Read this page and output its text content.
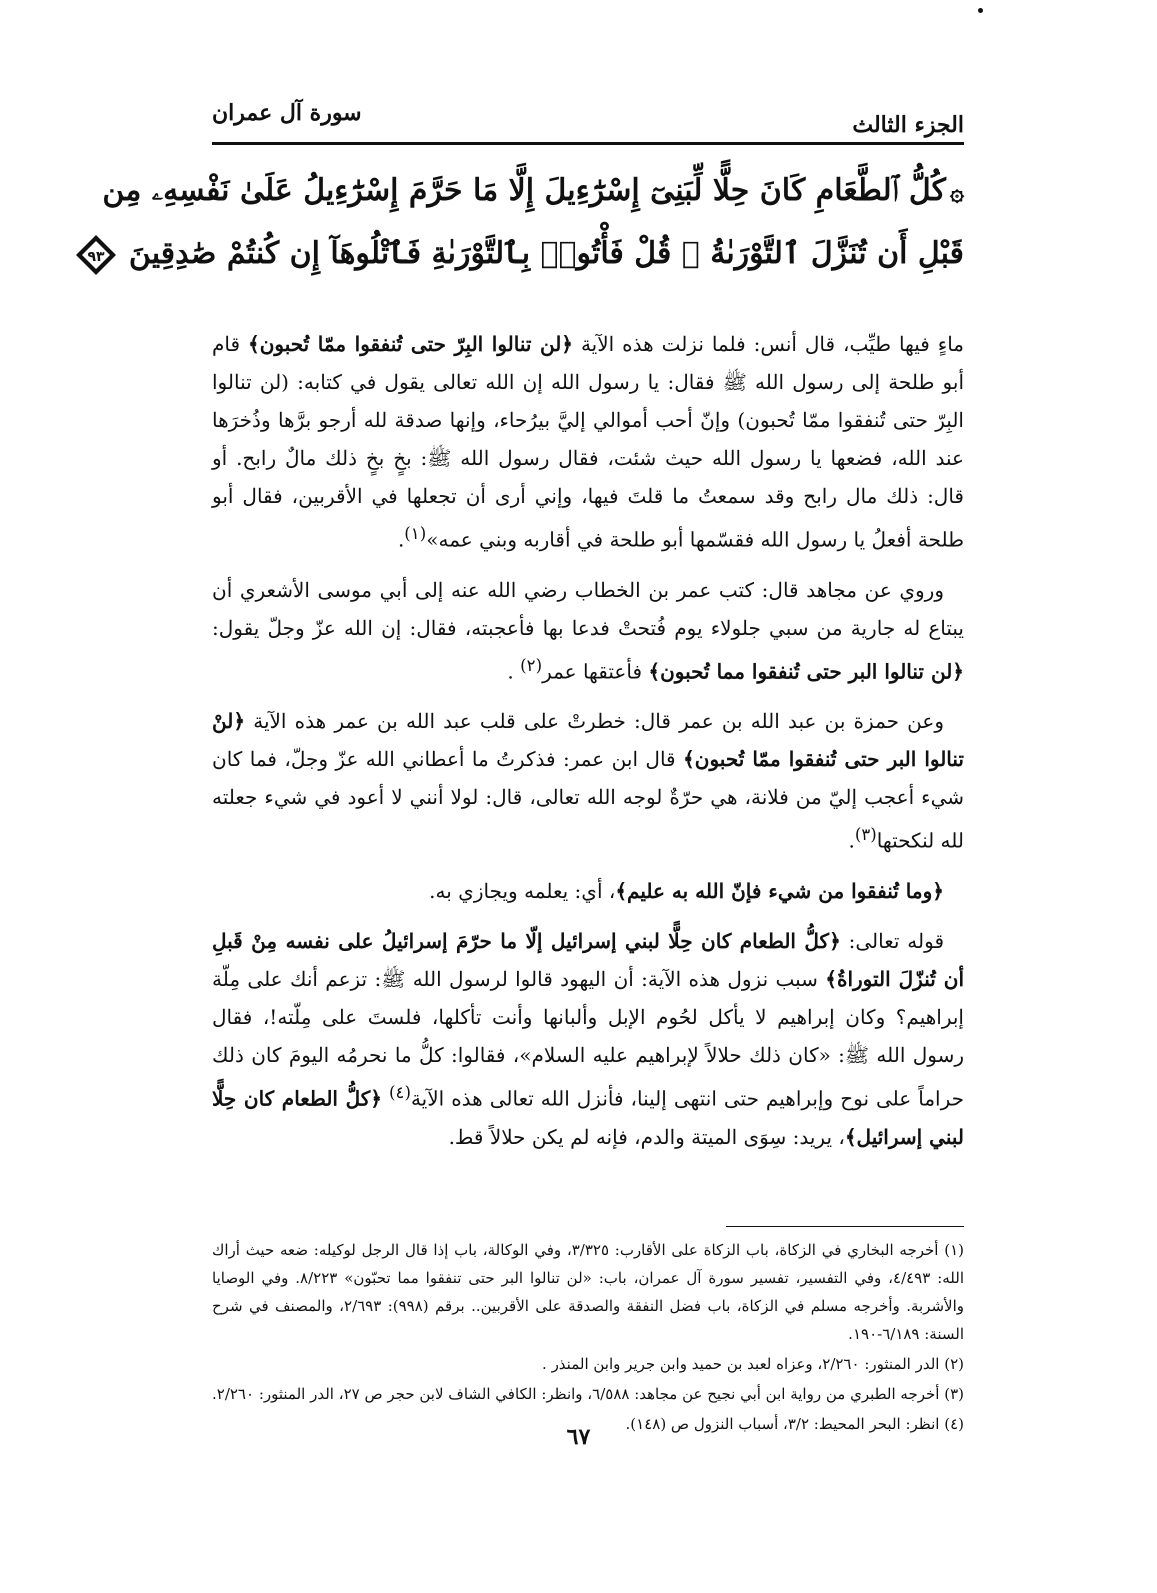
الجزء الثالث
سورة آل عمران
۞كُلُّ ٱلطَّعَامِ كَانَ حِلًّا لِّبَنِىٓ إِسْرَٰٓءِيلَ إِلَّا مَا حَرَّمَ إِسْرَٰٓءِيلُ عَلَىٰ نَفْسِهِۦ مِن
قَبْلِ أَن تُنَزَّلَ ٱلتَّوْرَىٰةُ ۗ قُلْ فَأْتُوا۟ بِٱلتَّوْرَىٰةِ فَٱتْلُوهَآ إِن كُنتُمْ صَٰدِقِينَ
٩٣

ماءٍ فيها طيِّب، قال أنس: فلما نزلت هذه الآية ﴿لن تنالوا البِرّ حتى تُنفقوا ممّا تُحبون﴾ قام أبو طلحة إلى رسول الله ﷺ فقال: يا رسول الله إن الله تعالى يقول في كتابه: (لن تنالوا البِرّ حتى تُنفقوا ممّا تُحبون) وإنّ أحب أموالي إليَّ بيرُحاء، وإنها صدقة لله أرجو برَّها وذُخرَها عند الله، فضعها يا رسول الله حيث شئت، فقال رسول الله ﷺ: بخٍ بخٍ ذلك مالٌ رابح. أو قال: ذلك مال رابح وقد سمعتُ ما قلتَ فيها، وإني أرى أن تجعلها في الأقربين، فقال أبو طلحة أفعلُ يا رسول الله فقسّمها أبو طلحة في أقاربه وبني عمه»$^{(١)}$.

وروي عن مجاهد قال: كتب عمر بن الخطاب رضي الله عنه إلى أبي موسى الأشعري أن يبتاع له جارية من سبي جلولاء يوم فُتحتْ فدعا بها فأعجبته، فقال: إن الله عزّ وجلّ يقول: ﴿لن تنالوا البر حتى تُنفقوا مما تُحبون﴾ فأعتقها عمر$^{(٢)}$ .

وعن حمزة بن عبد الله بن عمر قال: خطرتْ على قلب عبد الله بن عمر هذه الآية ﴿لنْ تنالوا البر حتى تُنفقوا ممّا تُحبون﴾ قال ابن عمر: فذكرتُ ما أعطاني الله عزّ وجلّ، فما كان شيء أعجب إليّ من فلانة، هي حرّةٌ لوجه الله تعالى، قال: لولا أنني لا أعود في شيء جعلته لله لنكحتها$^{(٣)}$.

﴿وما تُنفقوا من شيء فإنّ الله به عليم﴾، أي: يعلمه ويجازي به.

قوله تعالى: ﴿كلُّ الطعام كان حِلًّا لبني إسرائيل إلّا ما حرّمَ إسرائيلُ على نفسه مِنْ قَبلِ أن تُنزّلَ التوراةُ﴾ سبب نزول هذه الآية: أن اليهود قالوا لرسول الله ﷺ: تزعم أنك على مِلّة إبراهيم؟ وكان إبراهيم لا يأكل لحُوم الإبل وألبانها وأنت تأكلها، فلستَ على مِلّته!، فقال رسول الله ﷺ: «كان ذلك حلالاً لإبراهيم عليه السلام»، فقالوا: كلُّ ما نحرمُه اليومَ كان ذلك حراماً على نوح وإبراهيم حتى انتهى إلينا، فأنزل الله تعالى هذه الآية$^{(٤)}$ ﴿كلُّ الطعام كان حِلًّا لبني إسرائيل﴾، يريد: سِوَى الميتة والدم، فإنه لم يكن حلالاً قط.

(١) أخرجه البخاري في الزكاة، باب الزكاة على الأقارب: ٣/٣٢٥، وفي الوكالة، باب إذا قال الرجل لوكيله: ضعه حيث أراك الله: ٤/٤٩٣، وفي التفسير، تفسير سورة آل عمران، باب: «لن تنالوا البر حتى تنفقوا مما تحبّون» ٨/٢٢٣. وفي الوصايا والأشربة. وأخرجه مسلم في الزكاة، باب فضل النفقة والصدقة على الأقربين.. برقم (٩٩٨): ٢/٦٩٣، والمصنف في شرح السنة: ٦/١٨٩-١٩٠.

(٢) الدر المنثور: ٢/٢٦٠، وعزاه لعبد بن حميد وابن جرير وابن المنذر .

(٣) أخرجه الطبري من رواية ابن أبي نجيح عن مجاهد: ٦/٥٨٨، وانظر: الكافي الشاف لابن حجر ص ٢٧، الدر المنثور: ٢/٢٦٠.

(٤) انظر: البحر المحيط: ٣/٢، أسباب النزول ص (١٤٨).

٦٧
